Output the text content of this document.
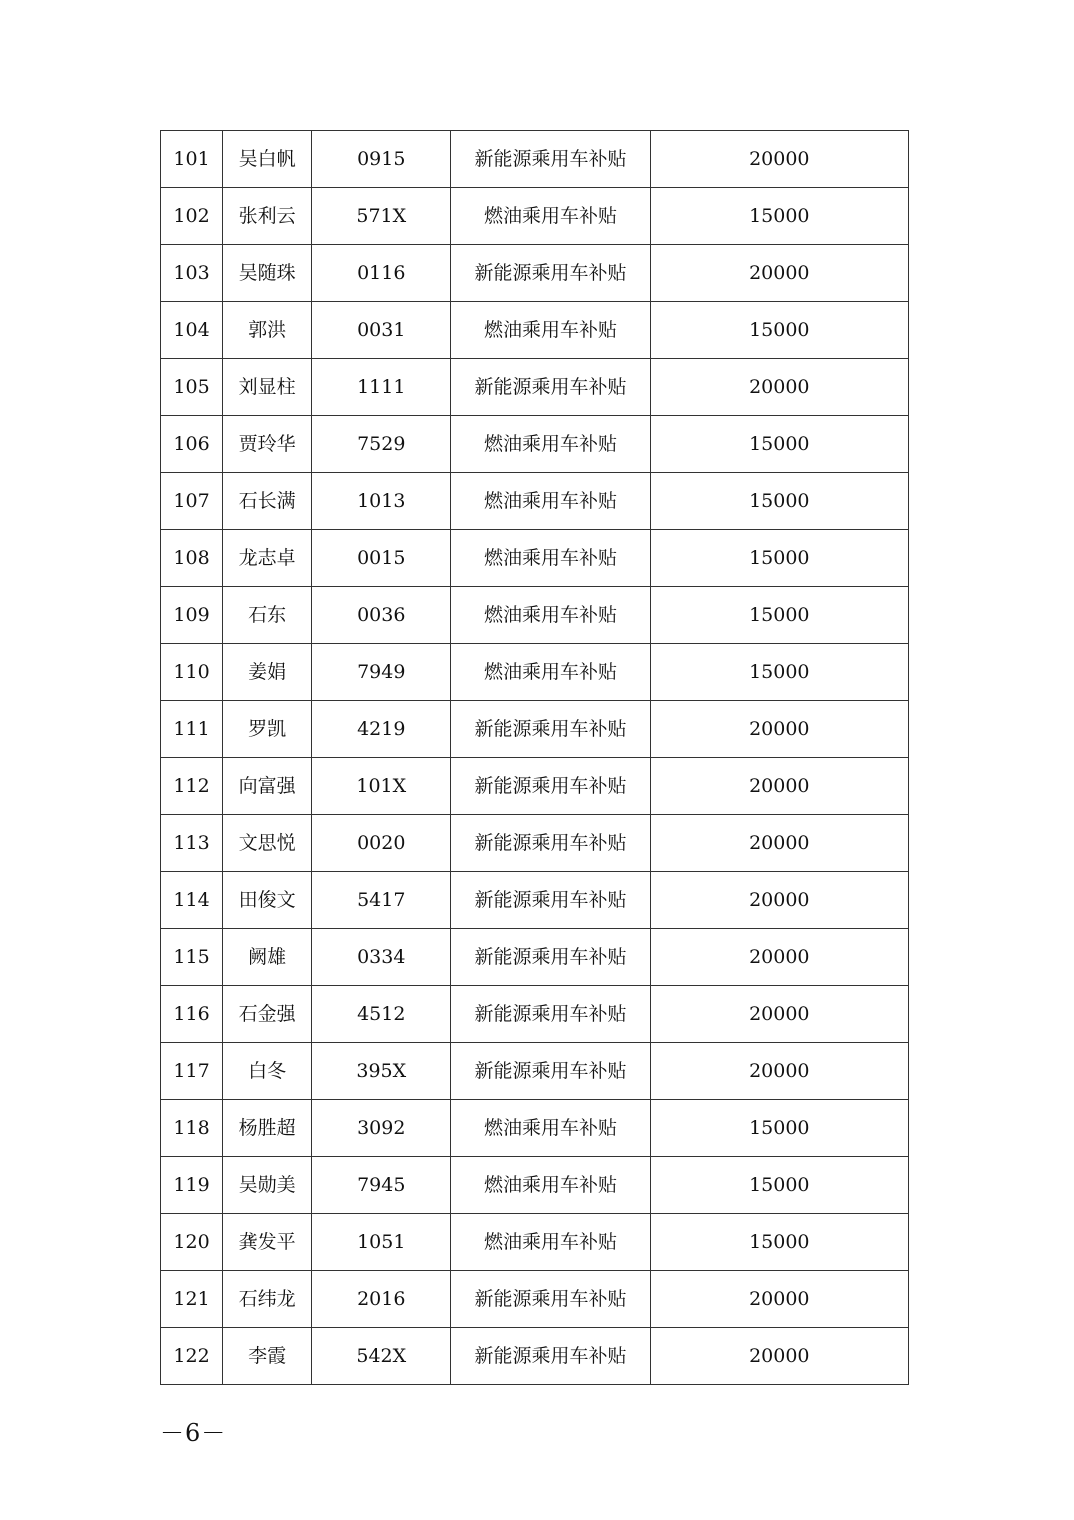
101	吴白帆	0915	新能源乘用车补贴	20000
102	张利云	571X	燃油乘用车补贴	15000
103	吴随珠	0116	新能源乘用车补贴	20000
104	郭洪	0031	燃油乘用车补贴	15000
105	刘显柱	1111	新能源乘用车补贴	20000
106	贾玲华	7529	燃油乘用车补贴	15000
107	石长满	1013	燃油乘用车补贴	15000
108	龙志卓	0015	燃油乘用车补贴	15000
109	石东	0036	燃油乘用车补贴	15000
110	姜娟	7949	燃油乘用车补贴	15000
111	罗凯	4219	新能源乘用车补贴	20000
112	向富强	101X	新能源乘用车补贴	20000
113	文思悦	0020	新能源乘用车补贴	20000
114	田俊文	5417	新能源乘用车补贴	20000
115	阙雄	0334	新能源乘用车补贴	20000
116	石金强	4512	新能源乘用车补贴	20000
117	白冬	395X	新能源乘用车补贴	20000
118	杨胜超	3092	燃油乘用车补贴	15000
119	吴勋美	7945	燃油乘用车补贴	15000
120	龚发平	1051	燃油乘用车补贴	15000
121	石纬龙	2016	新能源乘用车补贴	20000
122	李霞	542X	新能源乘用车补贴	20000
－6－
